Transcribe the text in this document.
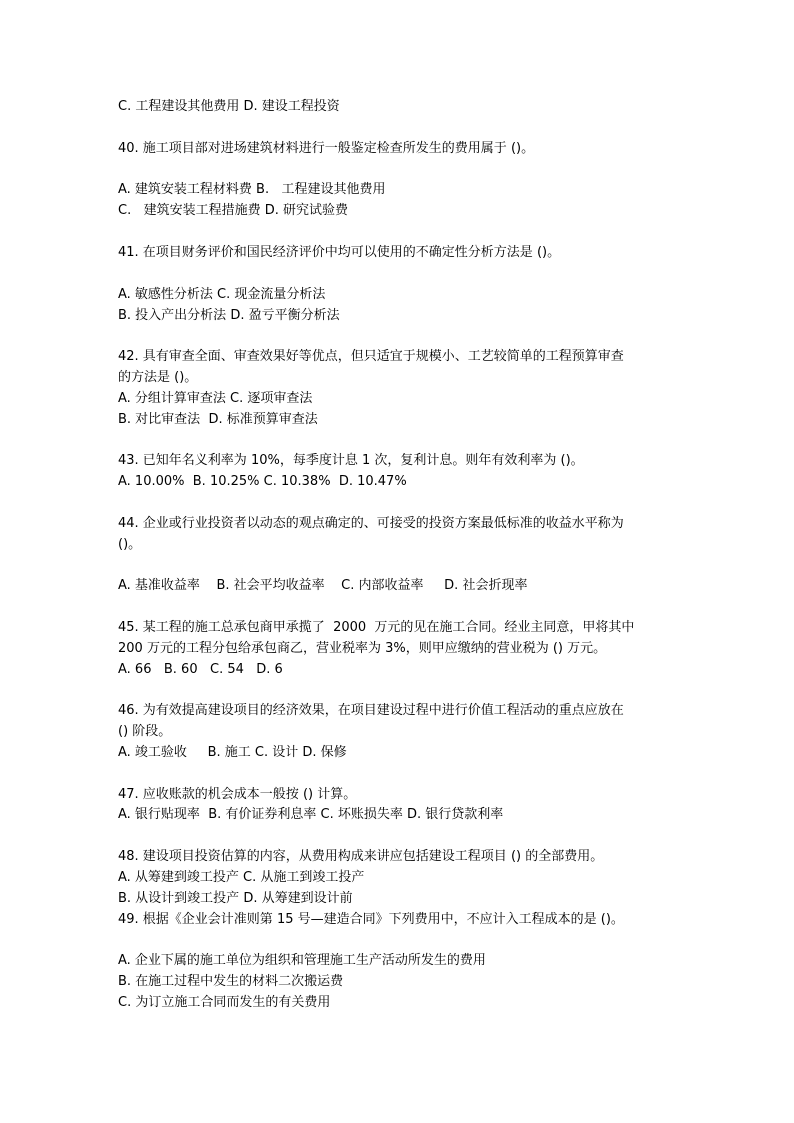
C. 工程建设其他费用 D. 建设工程投资
40. 施工项目部对进场建筑材料进行一般鉴定检查所发生的费用属于 ()。
A. 建筑安装工程材料费 B.   工程建设其他费用
C.   建筑安装工程措施费 D. 研究试验费
41. 在项目财务评价和国民经济评价中均可以使用的不确定性分析方法是 ()。
A. 敏感性分析法 C. 现金流量分析法
B. 投入产出分析法 D. 盈亏平衡分析法
42. 具有审查全面、审查效果好等优点，但只适宜于规模小、工艺较简单的工程预算审查
的方法是 ()。
A. 分组计算审查法 C. 逐项审查法
B. 对比审查法  D. 标准预算审查法
43. 已知年名义利率为 10%，每季度计息 1 次，复利计息。则年有效利率为 ()。
A. 10.00%  B. 10.25% C. 10.38%  D. 10.47%
44. 企业或行业投资者以动态的观点确定的、可接受的投资方案最低标准的收益水平称为
()。
A. 基准收益率    B. 社会平均收益率    C. 内部收益率     D. 社会折现率
45. 某工程的施工总承包商甲承揽了  2000  万元的见在施工合同。经业主同意，甲将其中
200 万元的工程分包给承包商乙，营业税率为 3%，则甲应缴纳的营业税为 () 万元。
A. 66   B. 60   C. 54   D. 6
46. 为有效提高建设项目的经济效果，在项目建设过程中进行价值工程活动的重点应放在
() 阶段。
A. 竣工验收     B. 施工 C. 设计 D. 保修
47. 应收账款的机会成本一般按 () 计算。
A. 银行贴现率  B. 有价证券利息率 C. 坏账损失率 D. 银行贷款利率
48. 建设项目投资估算的内容，从费用构成来讲应包括建设工程项目 () 的全部费用。
A. 从筹建到竣工投产 C. 从施工到竣工投产
B. 从设计到竣工投产 D. 从筹建到设计前
49. 根据《企业会计准则第 15 号—建造合同》下列费用中，不应计入工程成本的是 ()。
A. 企业下属的施工单位为组织和管理施工生产活动所发生的费用
B. 在施工过程中发生的材料二次搬运费
C. 为订立施工合同而发生的有关费用
